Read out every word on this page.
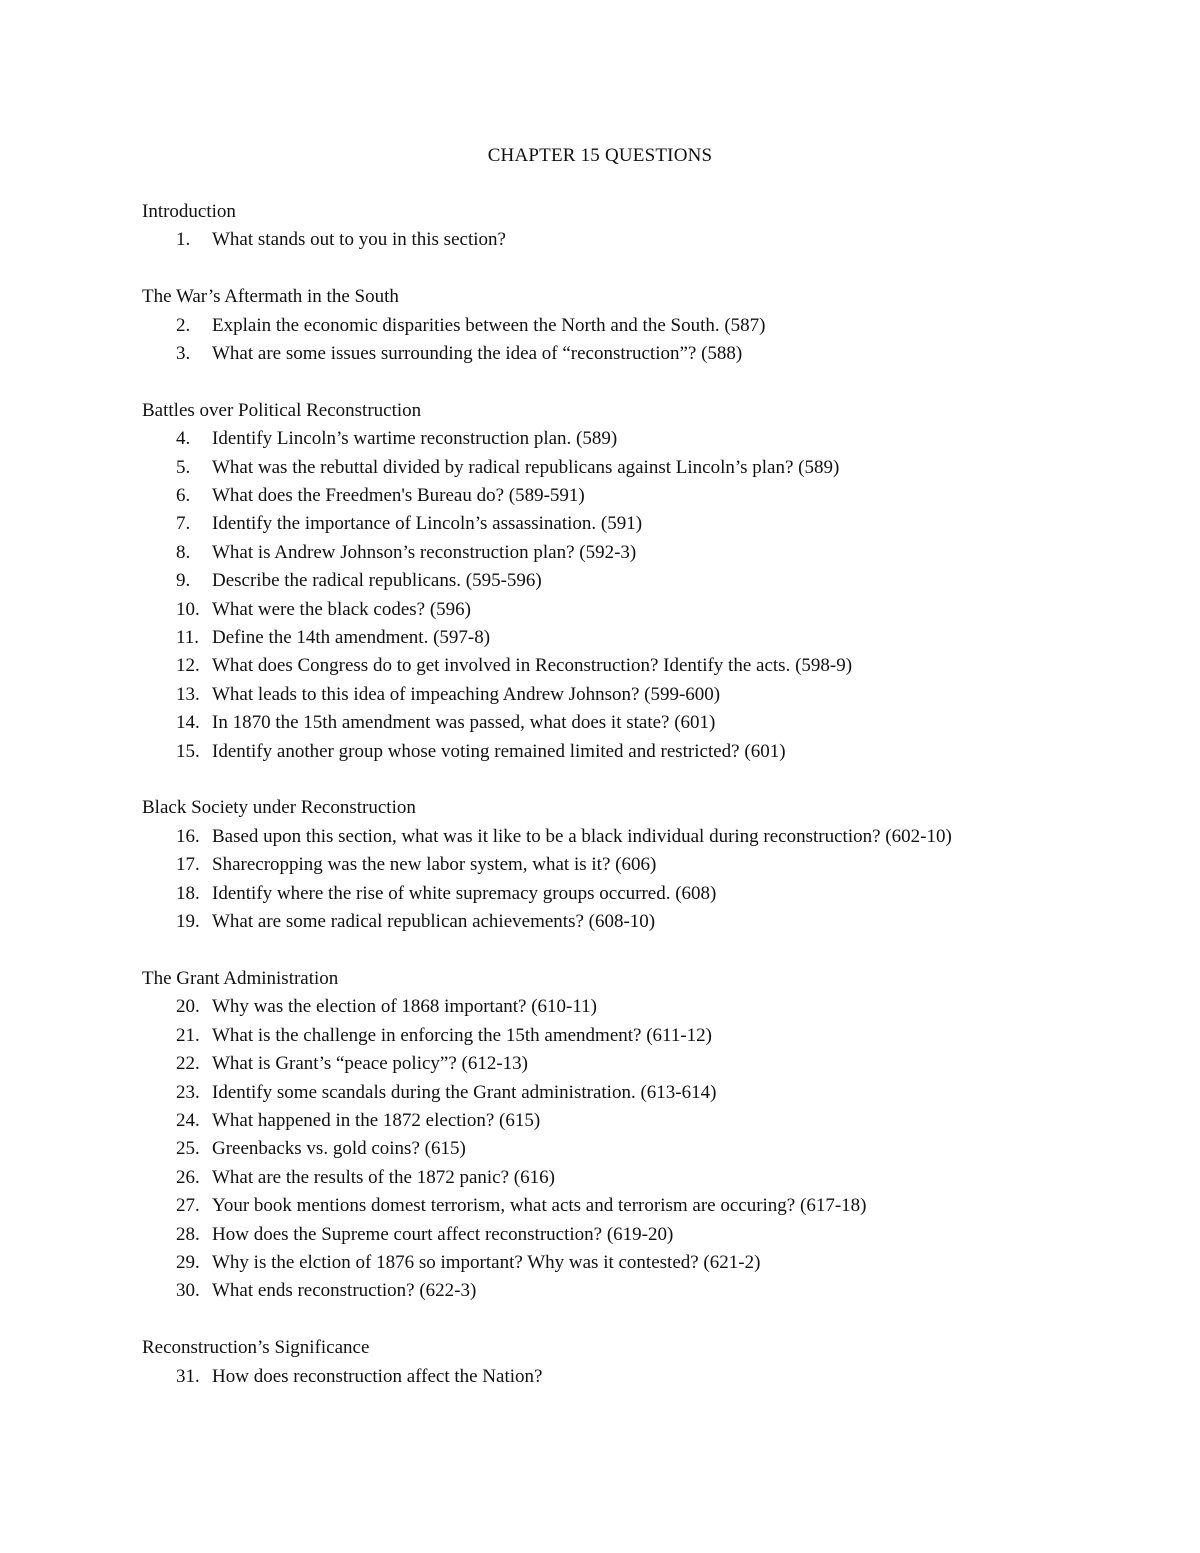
CHAPTER 15 QUESTIONS
Introduction
1.	What stands out to you in this section?
The War’s Aftermath in the South
2.	Explain the economic disparities between the North and the South. (587)
3.	What are some issues surrounding the idea of “reconstruction”? (588)
Battles over Political Reconstruction
4.	Identify Lincoln’s wartime reconstruction plan. (589)
5.	What was the rebuttal divided by radical republicans against Lincoln’s plan? (589)
6.	What does the Freedmen's Bureau do? (589-591)
7.	Identify the importance of Lincoln’s assassination. (591)
8.	What is Andrew Johnson’s reconstruction plan? (592-3)
9.	Describe the radical republicans. (595-596)
10. What were the black codes? (596)
11. Define the 14th amendment. (597-8)
12. What does Congress do to get involved in Reconstruction? Identify the acts. (598-9)
13. What leads to this idea of impeaching Andrew Johnson? (599-600)
14. In 1870 the 15th amendment was passed, what does it state? (601)
15. Identify another group whose voting remained limited and restricted? (601)
Black Society under Reconstruction
16. Based upon this section, what was it like to be a black individual during reconstruction? (602-10)
17. Sharecropping was the new labor system, what is it? (606)
18. Identify where the rise of white supremacy groups occurred. (608)
19. What are some radical republican achievements? (608-10)
The Grant Administration
20. Why was the election of 1868 important? (610-11)
21. What is the challenge in enforcing the 15th amendment? (611-12)
22. What is Grant’s “peace policy”? (612-13)
23. Identify some scandals during the Grant administration. (613-614)
24. What happened in the 1872 election? (615)
25. Greenbacks vs. gold coins? (615)
26. What are the results of the 1872 panic? (616)
27. Your book mentions domest terrorism, what acts and terrorism are occuring? (617-18)
28. How does the Supreme court affect reconstruction? (619-20)
29. Why is the elction of 1876 so important? Why was it contested? (621-2)
30. What ends reconstruction? (622-3)
Reconstruction’s Significance
31. How does reconstruction affect the Nation?
